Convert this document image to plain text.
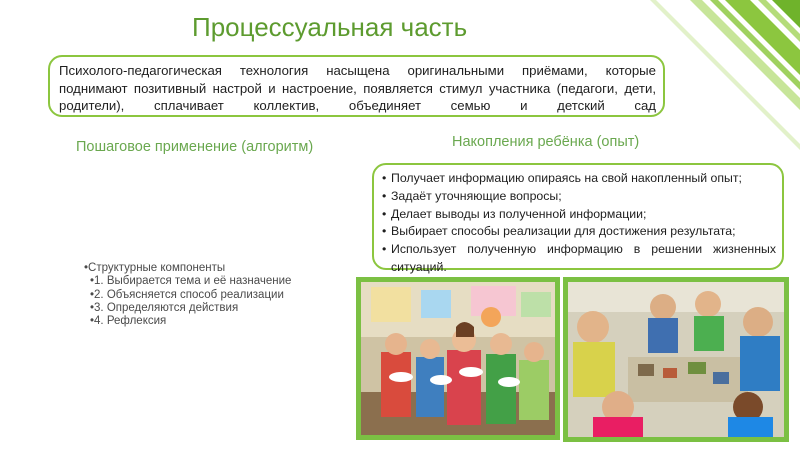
Процессуальная часть
Психолого-педагогическая технология насыщена оригинальными приёмами, которые поднимают позитивный настрой и настроение, появляется стимул участника (педагоги, дети, родители), сплачивает коллектив, объединяет семью и детский сад
Пошаговое применение (алгоритм)	Накопления ребёнка (опыт)
• Получает информацию опираясь на свой накопленный опыт;
• Задаёт уточняющие вопросы;
• Делает выводы из полученной информации;
• Выбирает способы реализации для достижения результата;
• Использует полученную информацию в решении жизненных ситуаций.
• Структурные компоненты
• 1. Выбирается тема и её назначение
• 2. Объясняется способ реализации
• 3. Определяются действия
• 4. Рефлексия
